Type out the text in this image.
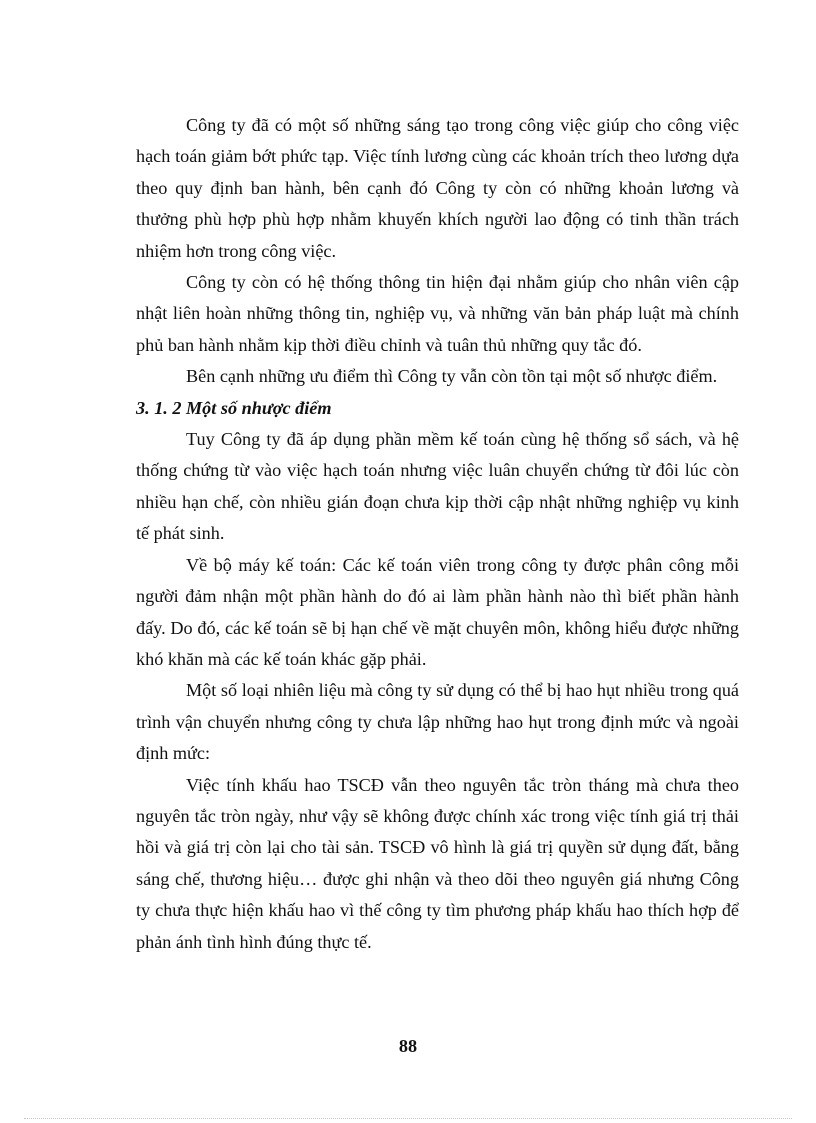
Công ty đã có một số những sáng tạo trong công việc giúp cho công việc hạch toán giảm bớt phức tạp. Việc tính lương cùng các khoản trích theo lương dựa theo quy định ban hành, bên cạnh đó Công ty còn có những khoản lương và thưởng phù hợp phù hợp nhằm khuyến khích người lao động có tinh thần trách nhiệm hơn trong công việc.

Công ty còn có hệ thống thông tin hiện đại nhằm giúp cho nhân viên cập nhật liên hoàn những thông tin, nghiệp vụ, và những văn bản pháp luật mà chính phủ ban hành nhằm kịp thời điều chỉnh và tuân thủ những quy tắc đó.

Bên cạnh những ưu điểm thì Công ty vẫn còn tồn tại một số nhược điểm.

3. 1. 2 Một số nhược điểm

Tuy Công ty đã áp dụng phần mềm kế toán cùng hệ thống sổ sách, và hệ thống chứng từ vào việc hạch toán nhưng việc luân chuyển chứng từ đôi lúc còn nhiều hạn chế, còn nhiều gián đoạn chưa kịp thời cập nhật những nghiệp vụ kinh tế phát sinh.

Về bộ máy kế toán: Các kế toán viên trong công ty được phân công mỗi người đảm nhận một phần hành do đó ai làm phần hành nào thì biết phần hành đấy. Do đó, các kế toán sẽ bị hạn chế về mặt chuyên môn, không hiểu được những khó khăn mà các kế toán khác gặp phải.

Một số loại nhiên liệu mà công ty sử dụng có thể bị hao hụt nhiều trong quá trình vận chuyển nhưng công ty chưa lập những hao hụt trong định mức và ngoài định mức:

Việc tính khấu hao TSCĐ vẫn theo nguyên tắc tròn tháng mà chưa theo nguyên tắc tròn ngày, như vậy sẽ không được chính xác trong việc tính giá trị thải hồi và giá trị còn lại cho tài sản. TSCĐ vô hình là giá trị quyền sử dụng đất, bằng sáng chế, thương hiệu… được ghi nhận và theo dõi theo nguyên giá nhưng Công ty chưa thực hiện khấu hao vì thế công ty tìm phương pháp khấu hao thích hợp để phản ánh tình hình đúng thực tế.

88
